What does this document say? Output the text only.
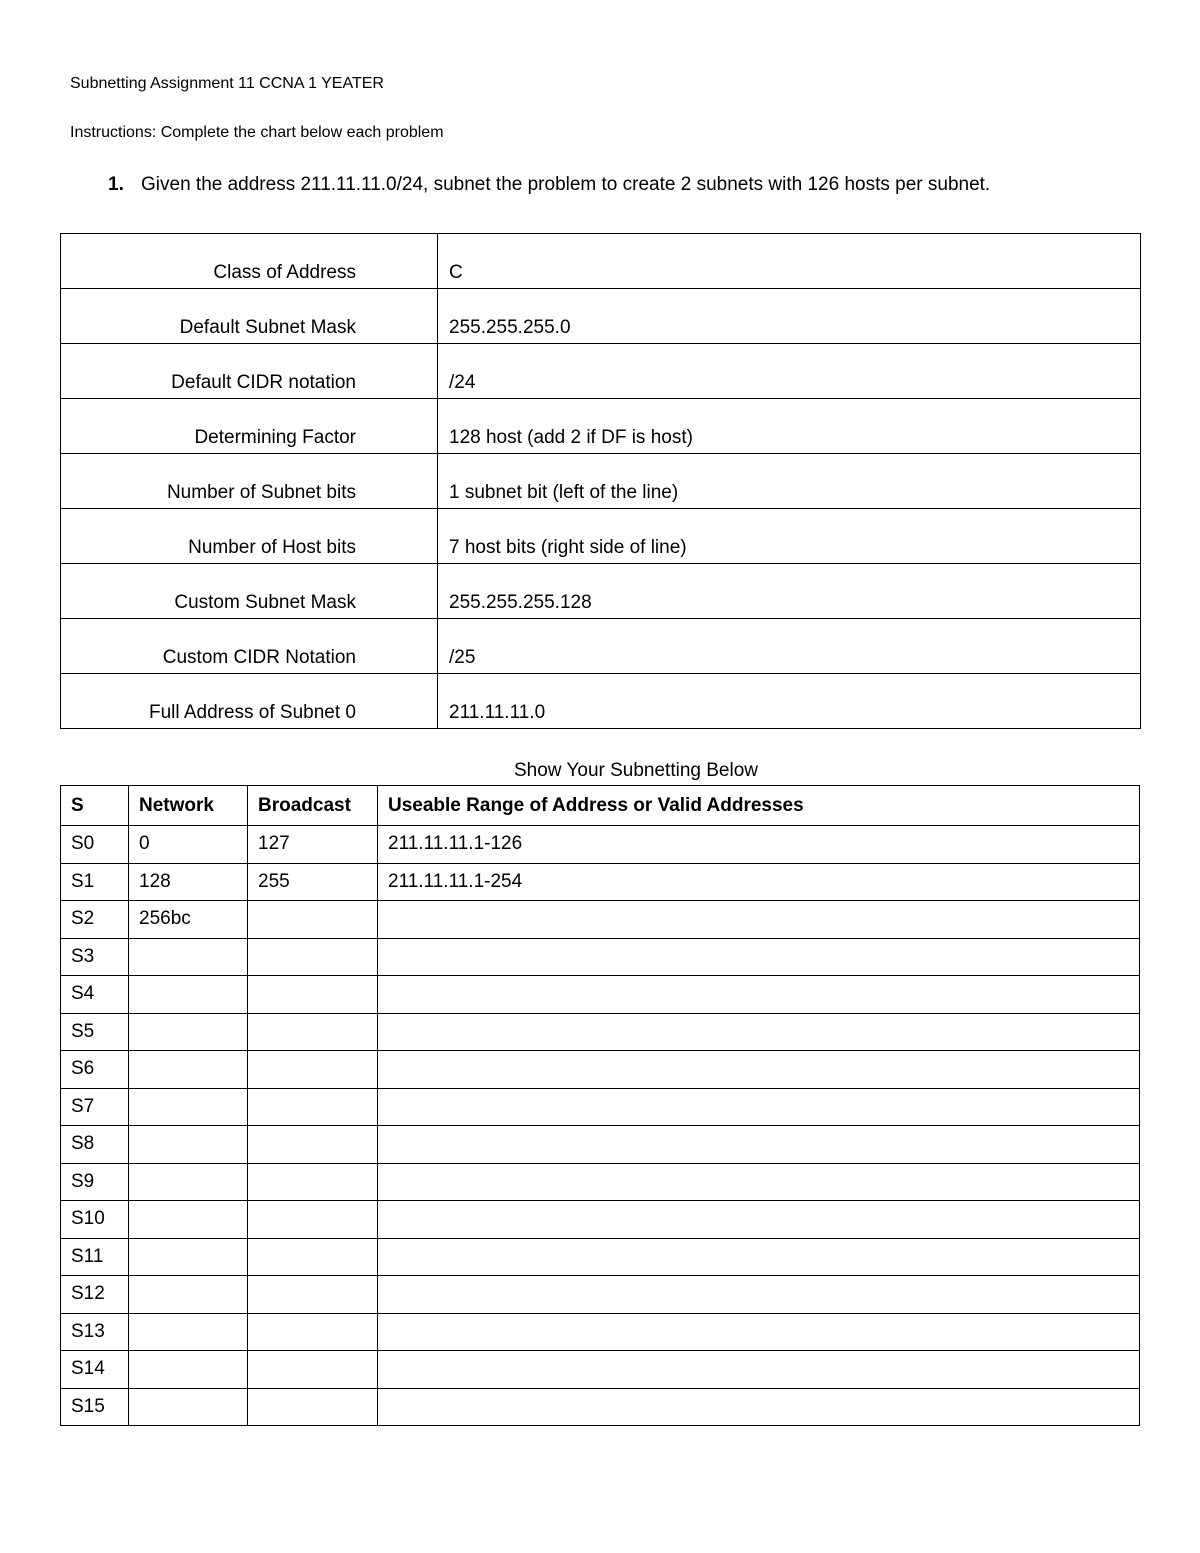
Subnetting Assignment 11 CCNA 1 YEATER
Instructions: Complete the chart below each problem
1. Given the address 211.11.11.0/24, subnet the problem to create 2 subnets with 126 hosts per subnet.
Class of Address	C
Default Subnet Mask	255.255.255.0
Default CIDR notation	/24
Determining Factor	128 host (add 2 if DF is host)
Number of Subnet bits	1 subnet bit (left of the line)
Number of Host bits	7 host bits (right side of line)
Custom Subnet Mask	255.255.255.128
Custom CIDR Notation	/25
Full Address of Subnet 0	211.11.11.0
Show Your Subnetting Below
S	Network	Broadcast	Useable Range of Address or Valid Addresses
S0	0	127	211.11.11.1-126
S1	128	255	211.11.11.1-254
S2	256bc		
S3			
S4			
S5			
S6			
S7			
S8			
S9			
S10			
S11			
S12			
S13			
S14			
S15			
